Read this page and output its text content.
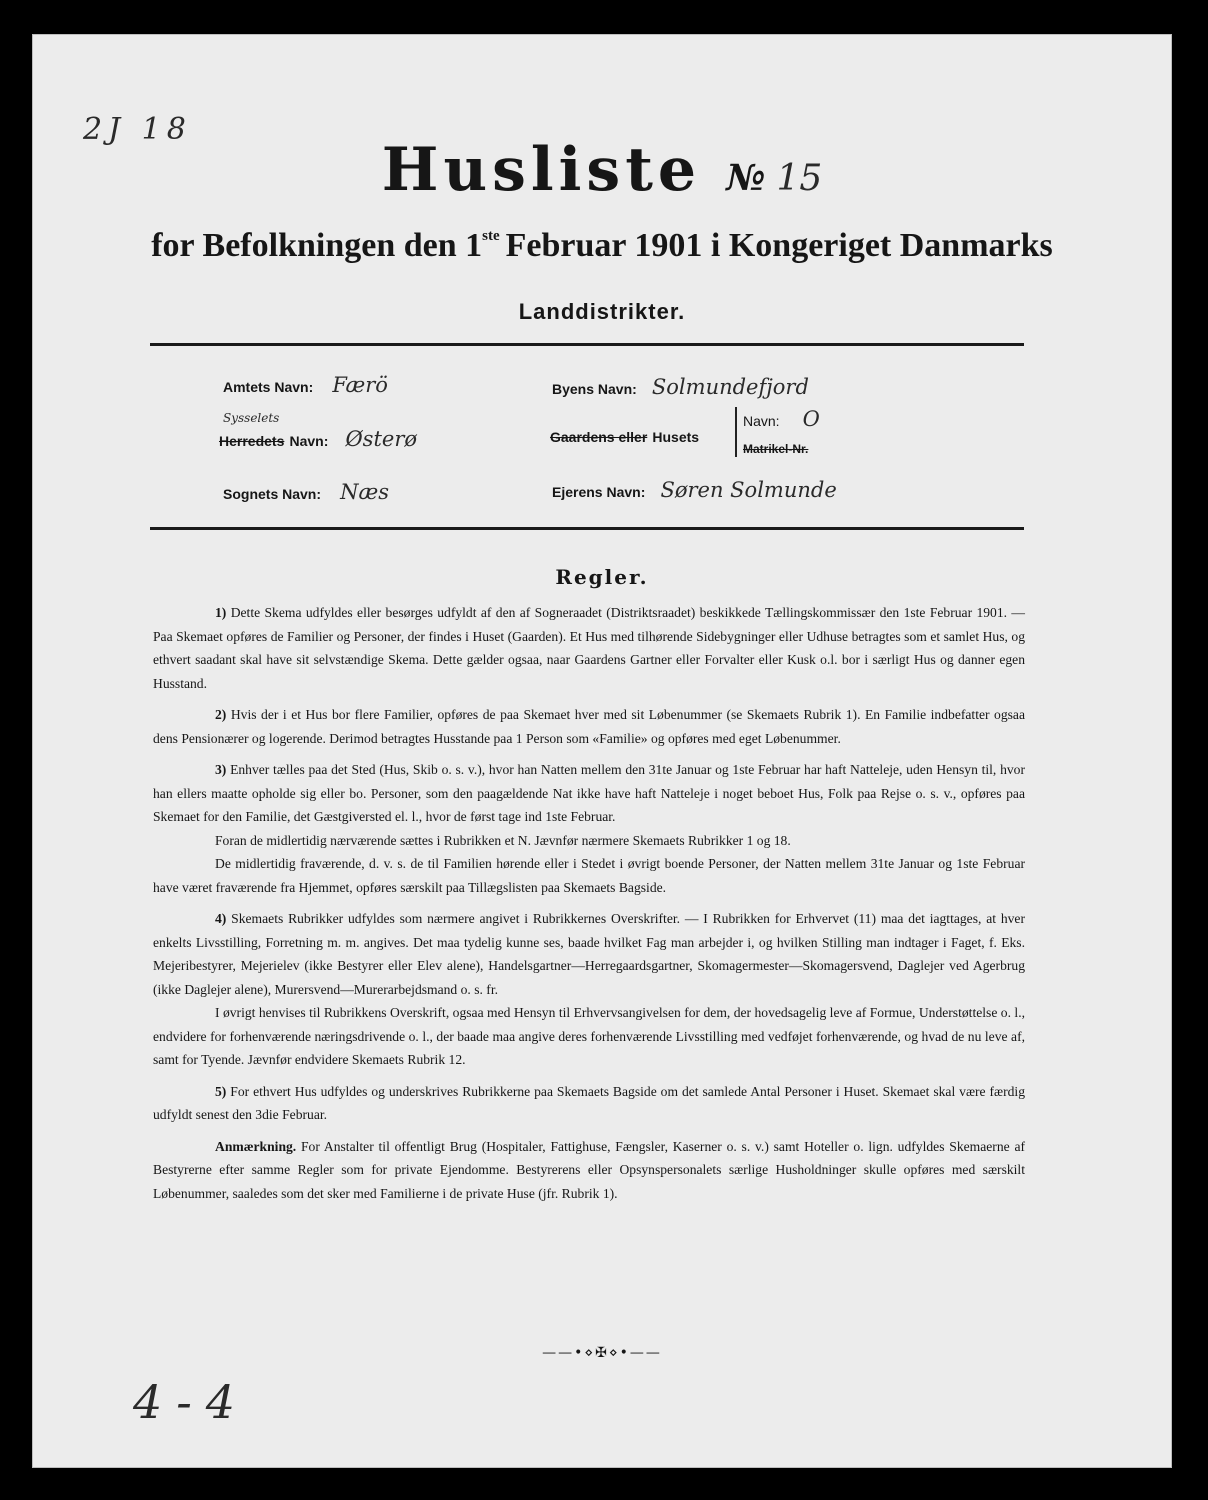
2J 18
Husliste № 15
for Befolkningen den 1ste Februar 1901 i Kongeriget Danmarks
Landdistrikter.
Amtets Navn: Færö
Sysselets
Herredets Navn: Østerø
Sognets Navn: Næs
Byens Navn: Solmundefjord
Gaardens eller Husets
Navn: O
Matrikel-Nr.
Ejerens Navn: Søren Solmunde
Regler.

1) Dette Skema udfyldes eller besørges udfyldt af den af Sogneraadet (Distriktsraadet) beskikkede Tællingskommissær den 1ste Februar 1901. — Paa Skemaet opføres de Familier og Personer, der findes i Huset (Gaarden). Et Hus med tilhørende Sidebygninger eller Udhuse betragtes som et samlet Hus, og ethvert saadant skal have sit selvstændige Skema. Dette gælder ogsaa, naar Gaardens Gartner eller Forvalter eller Kusk o.l. bor i særligt Hus og danner egen Husstand.

2) Hvis der i et Hus bor flere Familier, opføres de paa Skemaet hver med sit Løbenummer (se Skemaets Rubrik 1). En Familie indbefatter ogsaa dens Pensionærer og logerende. Derimod betragtes Husstande paa 1 Person som «Familie» og opføres med eget Løbenummer.

3) Enhver tælles paa det Sted (Hus, Skib o. s. v.), hvor han Natten mellem den 31te Januar og 1ste Februar har haft Natteleje, uden Hensyn til, hvor han ellers maatte opholde sig eller bo. Personer, som den paagældende Nat ikke have haft Natteleje i noget beboet Hus, Folk paa Rejse o. s. v., opføres paa Skemaet for den Familie, det Gæstgiversted el. l., hvor de først tage ind 1ste Februar.

Foran de midlertidig nærværende sættes i Rubrikken et N. Jævnfør nærmere Skemaets Rubrikker 1 og 18.

De midlertidig fraværende, d. v. s. de til Familien hørende eller i Stedet i øvrigt boende Personer, der Natten mellem 31te Januar og 1ste Februar have været fraværende fra Hjemmet, opføres særskilt paa Tillægslisten paa Skemaets Bagside.

4) Skemaets Rubrikker udfyldes som nærmere angivet i Rubrikkernes Overskrifter. — I Rubrikken for Erhvervet (11) maa det iagttages, at hver enkelts Livsstilling, Forretning m. m. angives. Det maa tydelig kunne ses, baade hvilket Fag man arbejder i, og hvilken Stilling man indtager i Faget, f. Eks. Mejeribestyrer, Mejerielev (ikke Bestyrer eller Elev alene), Handelsgartner—Herregaardsgartner, Skomagermester—Skomagersvend, Daglejer ved Agerbrug (ikke Daglejer alene), Murersvend—Murerarbejdsmand o. s. fr.

I øvrigt henvises til Rubrikkens Overskrift, ogsaa med Hensyn til Erhvervsangivelsen for dem, der hovedsagelig leve af Formue, Understøttelse o. l., endvidere for forhenværende næringsdrivende o. l., der baade maa angive deres forhenværende Livsstilling med vedføjet forhenværende, og hvad de nu leve af, samt for Tyende. Jævnfør endvidere Skemaets Rubrik 12.

5) For ethvert Hus udfyldes og underskrives Rubrikkerne paa Skemaets Bagside om det samlede Antal Personer i Huset. Skemaet skal være færdig udfyldt senest den 3die Februar.

Anmærkning. For Anstalter til offentligt Brug (Hospitaler, Fattighuse, Fængsler, Kaserner o. s. v.) samt Hoteller o. lign. udfyldes Skemaerne af Bestyrerne efter samme Regler som for private Ejendomme. Bestyrerens eller Opsynspersonalets særlige Husholdninger skulle opføres med særskilt Løbenummer, saaledes som det sker med Familierne i de private Huse (jfr. Rubrik 1).

——•⋄✠⋄•——
4-4
